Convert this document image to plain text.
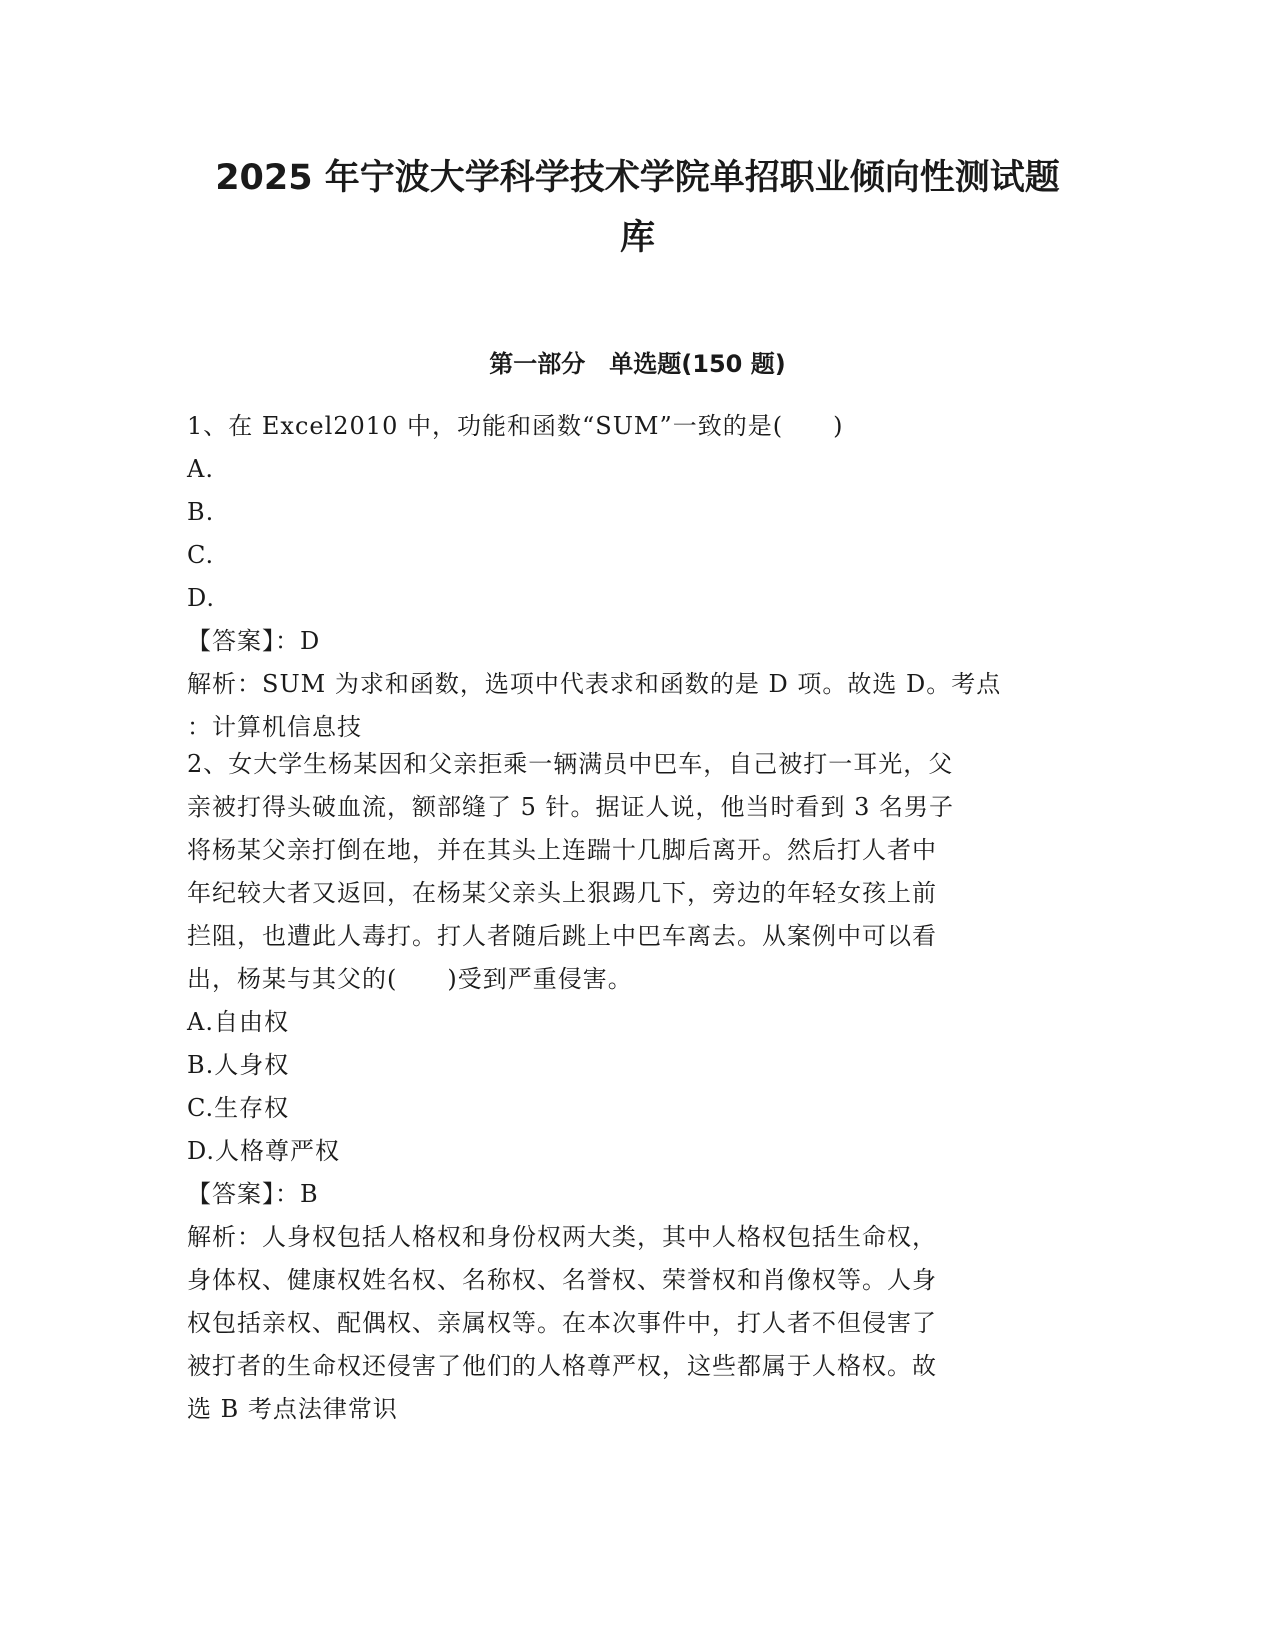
2025 年宁波大学科学技术学院单招职业倾向性测试题
库
第一部分　单选题(150 题)
1、在 Excel2010 中，功能和函数“SUM”一致的是(　　)
A.
B.
C.
D.
【答案】：D
解析：SUM 为求和函数，选项中代表求和函数的是 D 项。故选 D。考点
：计算机信息技
2、女大学生杨某因和父亲拒乘一辆满员中巴车，自己被打一耳光，父
亲被打得头破血流，额部缝了 5 针。据证人说，他当时看到 3 名男子
将杨某父亲打倒在地，并在其头上连踹十几脚后离开。然后打人者中
年纪较大者又返回，在杨某父亲头上狠踢几下，旁边的年轻女孩上前
拦阻，也遭此人毒打。打人者随后跳上中巴车离去。从案例中可以看
出，杨某与其父的(　　)受到严重侵害。
A.自由权
B.人身权
C.生存权
D.人格尊严权
【答案】：B
解析：人身权包括人格权和身份权两大类，其中人格权包括生命权，
身体权、健康权姓名权、名称权、名誉权、荣誉权和肖像权等。人身
权包括亲权、配偶权、亲属权等。在本次事件中，打人者不但侵害了
被打者的生命权还侵害了他们的人格尊严权，这些都属于人格权。故
选 B 考点法律常识
